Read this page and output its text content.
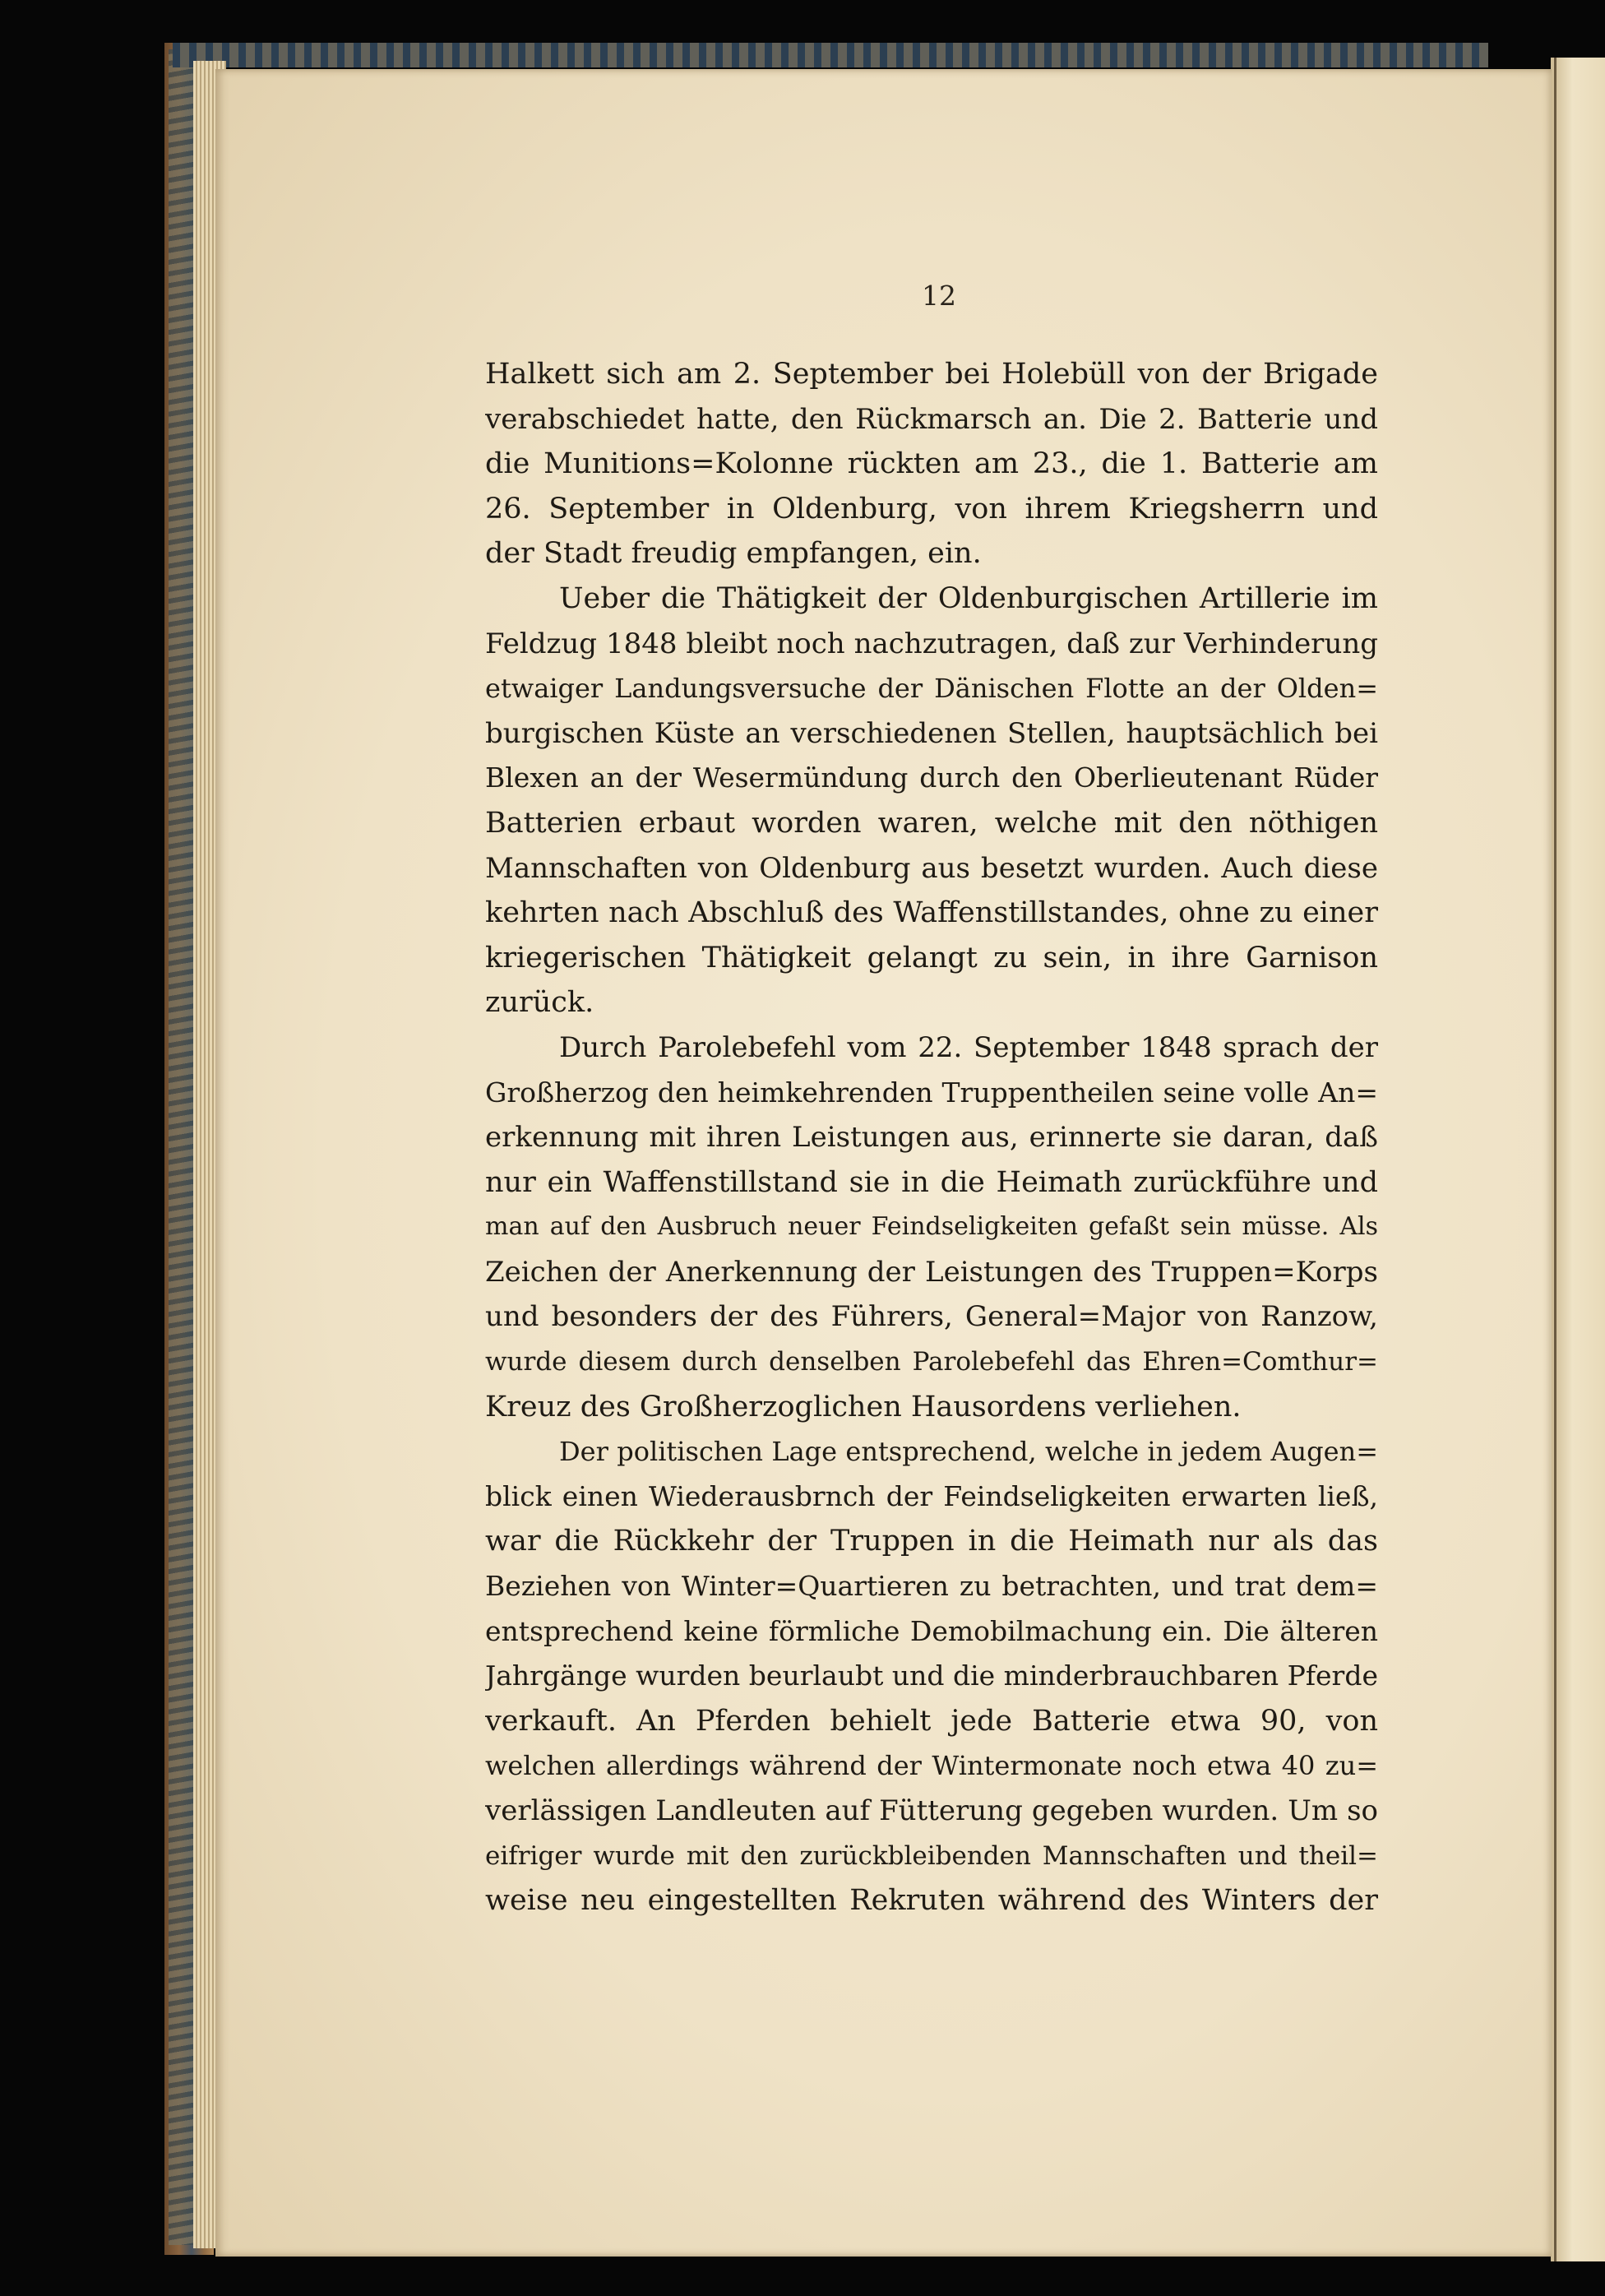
12
Halkett sich am 2. September bei Holebüll von der Brigade
verabschiedet hatte, den Rückmarsch an. Die 2. Batterie und
die Munitions=Kolonne rückten am 23., die 1. Batterie am
26. September in Oldenburg, von ihrem Kriegsherrn und
der Stadt freudig empfangen, ein.
Ueber die Thätigkeit der Oldenburgischen Artillerie im
Feldzug 1848 bleibt noch nachzutragen, daß zur Verhinderung
etwaiger Landungsversuche der Dänischen Flotte an der Olden=
burgischen Küste an verschiedenen Stellen, hauptsächlich bei
Blexen an der Wesermündung durch den Oberlieutenant Rüder
Batterien erbaut worden waren, welche mit den nöthigen
Mannschaften von Oldenburg aus besetzt wurden. Auch diese
kehrten nach Abschluß des Waffenstillstandes, ohne zu einer
kriegerischen Thätigkeit gelangt zu sein, in ihre Garnison
zurück.
Durch Parolebefehl vom 22. September 1848 sprach der
Großherzog den heimkehrenden Truppentheilen seine volle An=
erkennung mit ihren Leistungen aus, erinnerte sie daran, daß
nur ein Waffenstillstand sie in die Heimath zurückführe und
man auf den Ausbruch neuer Feindseligkeiten gefaßt sein müsse. Als
Zeichen der Anerkennung der Leistungen des Truppen=Korps
und besonders der des Führers, General=Major von Ranzow,
wurde diesem durch denselben Parolebefehl das Ehren=Comthur=
Kreuz des Großherzoglichen Hausordens verliehen.
Der politischen Lage entsprechend, welche in jedem Augen=
blick einen Wiederausbrnch der Feindseligkeiten erwarten ließ,
war die Rückkehr der Truppen in die Heimath nur als das
Beziehen von Winter=Quartieren zu betrachten, und trat dem=
entsprechend keine förmliche Demobilmachung ein. Die älteren
Jahrgänge wurden beurlaubt und die minderbrauchbaren Pferde
verkauft. An Pferden behielt jede Batterie etwa 90, von
welchen allerdings während der Wintermonate noch etwa 40 zu=
verlässigen Landleuten auf Fütterung gegeben wurden. Um so
eifriger wurde mit den zurückbleibenden Mannschaften und theil=
weise neu eingestellten Rekruten während des Winters der
